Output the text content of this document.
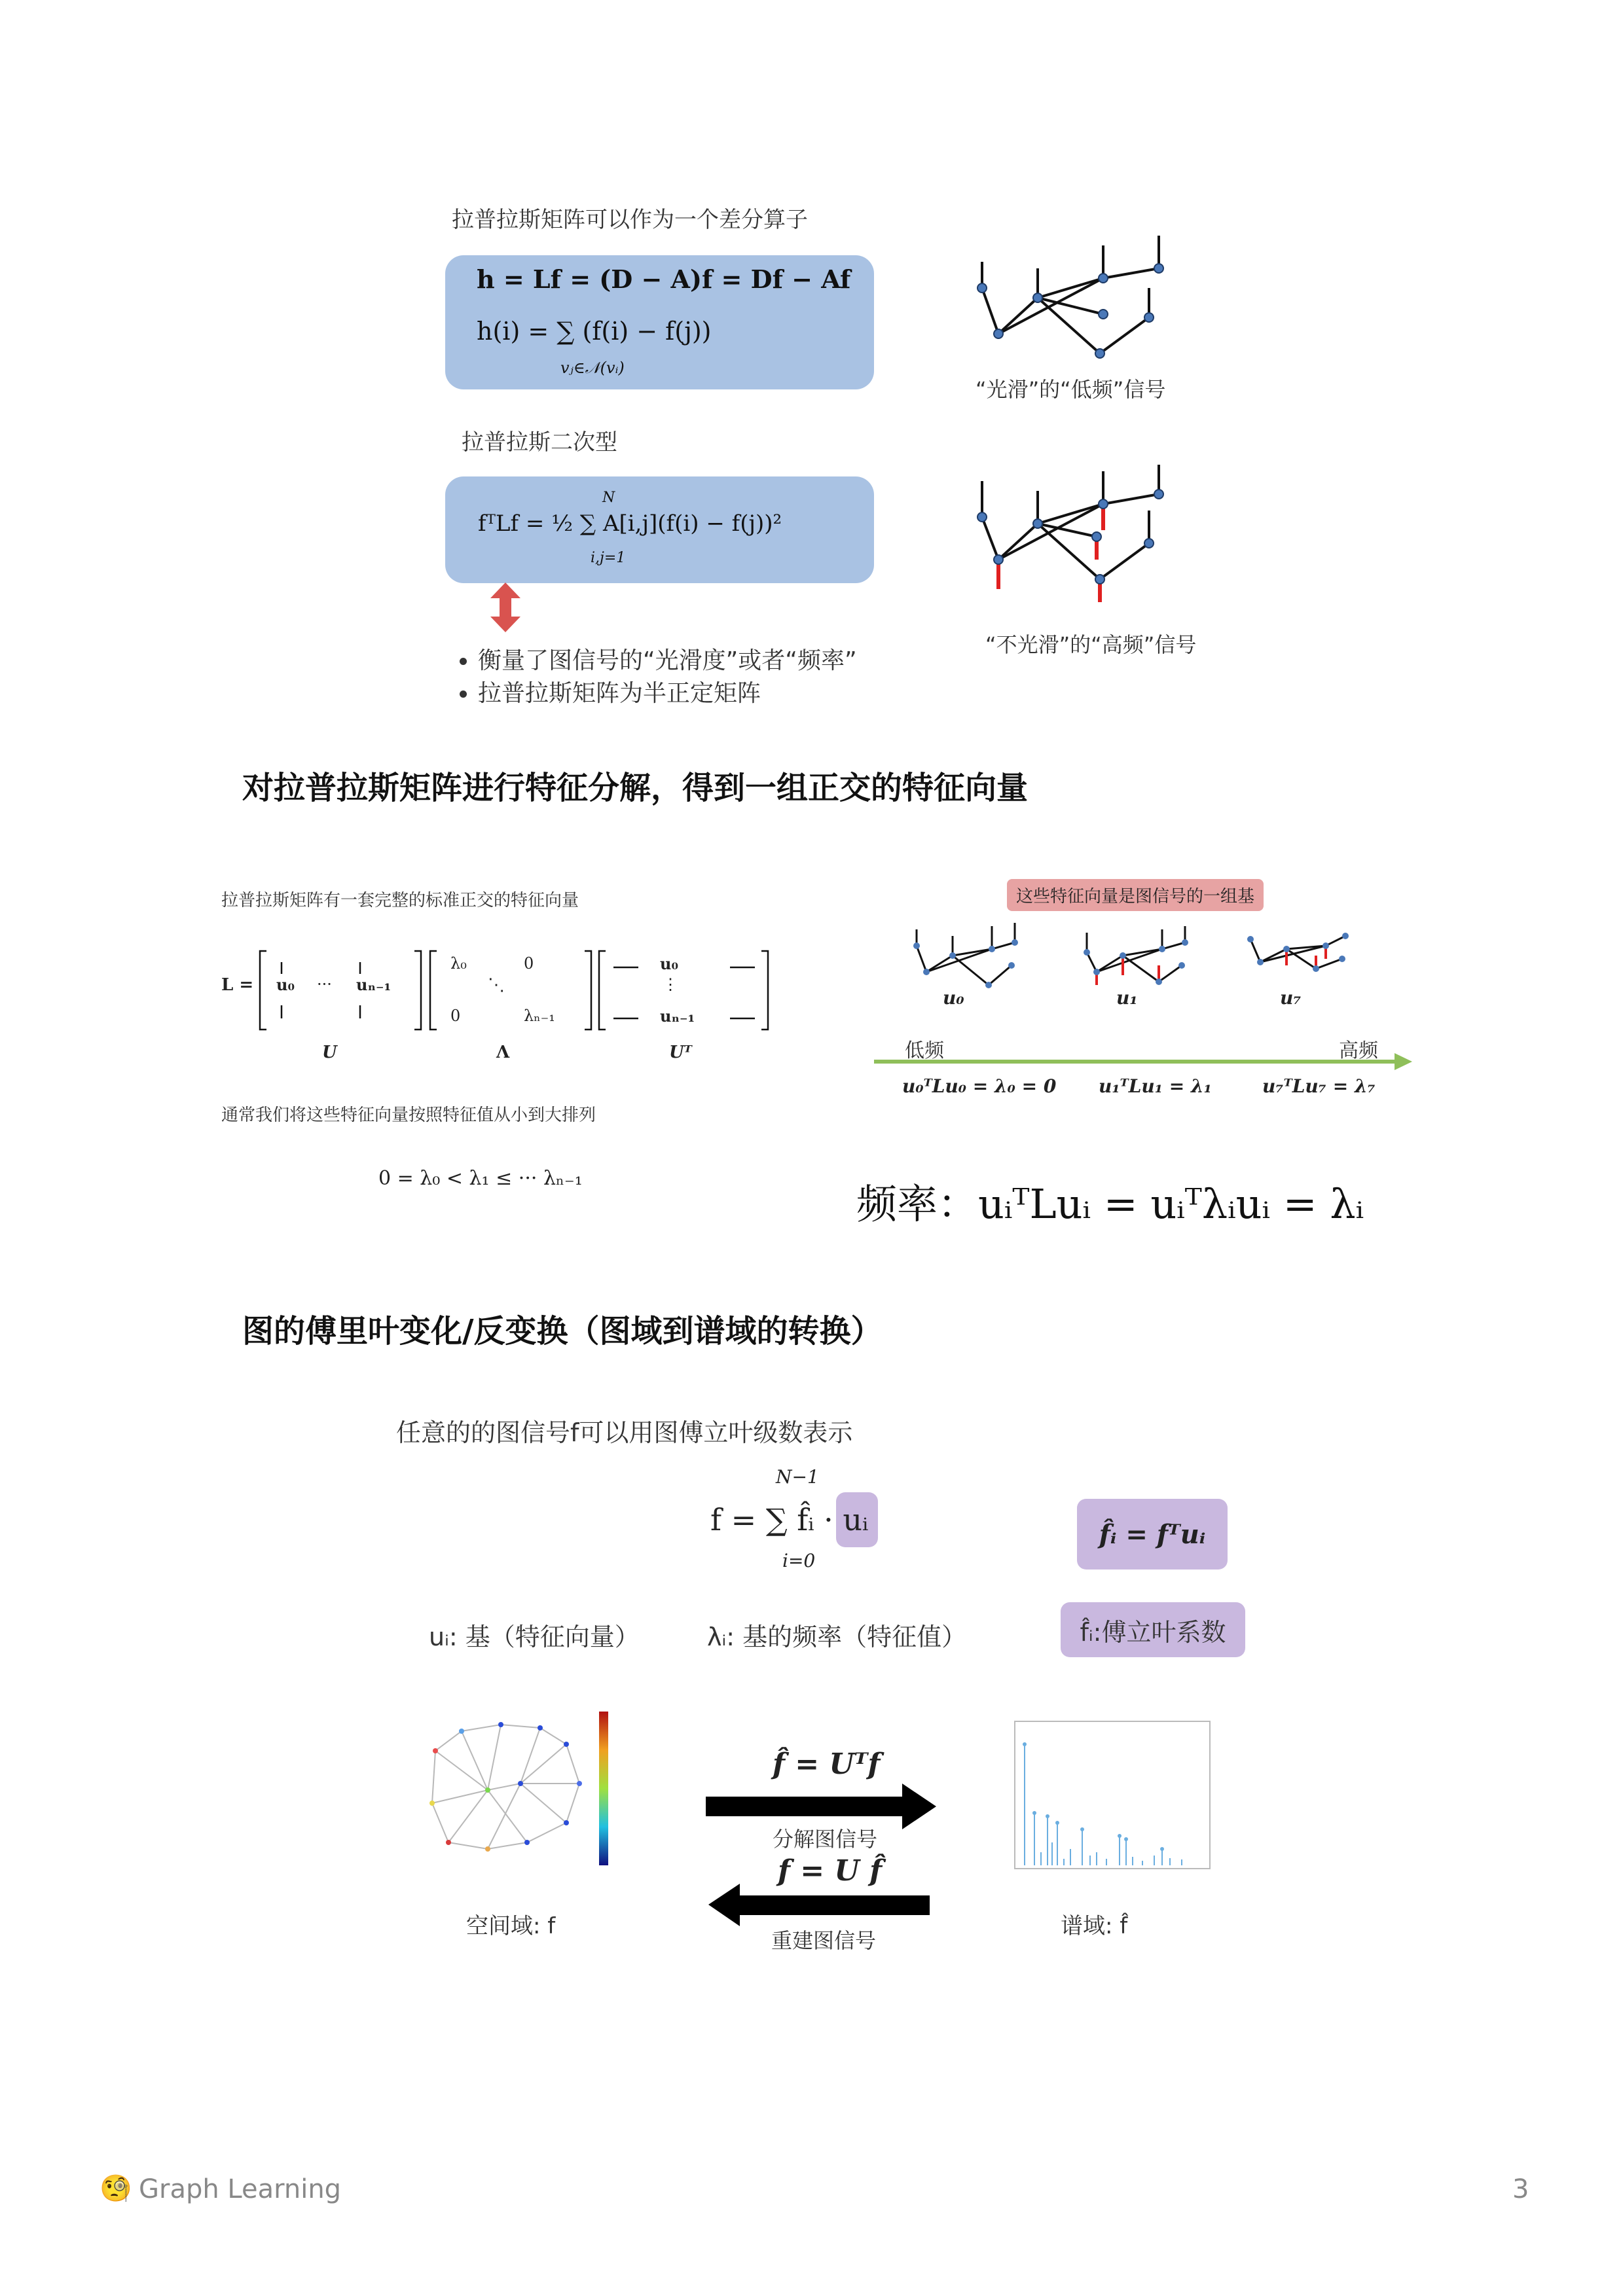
拉普拉斯矩阵可以作为一个差分算子
h = Lf = (D − A)f = Df − Af
h(i) = ∑ (f(i) − f(j))
vⱼ∈𝒩(vᵢ)
拉普拉斯二次型
N
fᵀLf = ½ ∑ A[i,j](f(i) − f(j))²
i,j=1
• 衡量了图信号的“光滑度”或者“频率”
• 拉普拉斯矩阵为半正定矩阵
“光滑”的“低频”信号
“不光滑”的“高频”信号
对拉普拉斯矩阵进行特征分解，得到一组正交的特征向量
拉普拉斯矩阵有一套完整的标准正交的特征向量
L = u₀ ··· uₙ₋₁
λ₀	0
⋱
0	λₙ₋₁
u₀
⋮
uₙ₋₁
U	Λ	Uᵀ
通常我们将这些特征向量按照特征值从小到大排列
0 = λ₀ < λ₁ ≤ ··· λₙ₋₁
这些特征向量是图信号的一组基
u₀	u₁	u₇
低频	高频
u₀ᵀLu₀ = λ₀ = 0 u₁ᵀLu₁ = λ₁	u₇ᵀLu₇ = λ₇
频率：uᵢᵀLuᵢ = uᵢᵀλᵢuᵢ = λᵢ
图的傅里叶变化/反变换（图域到谱域的转换）
任意的的图信号f可以用图傅立叶级数表示
N−1
f = ∑ f̂ᵢ · uᵢ
i=0
f̂ᵢ = fᵀuᵢ
uᵢ: 基（特征向量）	λᵢ: 基的频率（特征值）	f̂ᵢ:傅立叶系数
空间域: f
f̂ = Uᵀf
分解图信号
f = U f̂
重建图信号
谱域: f̂
🧐 Graph Learning	3
